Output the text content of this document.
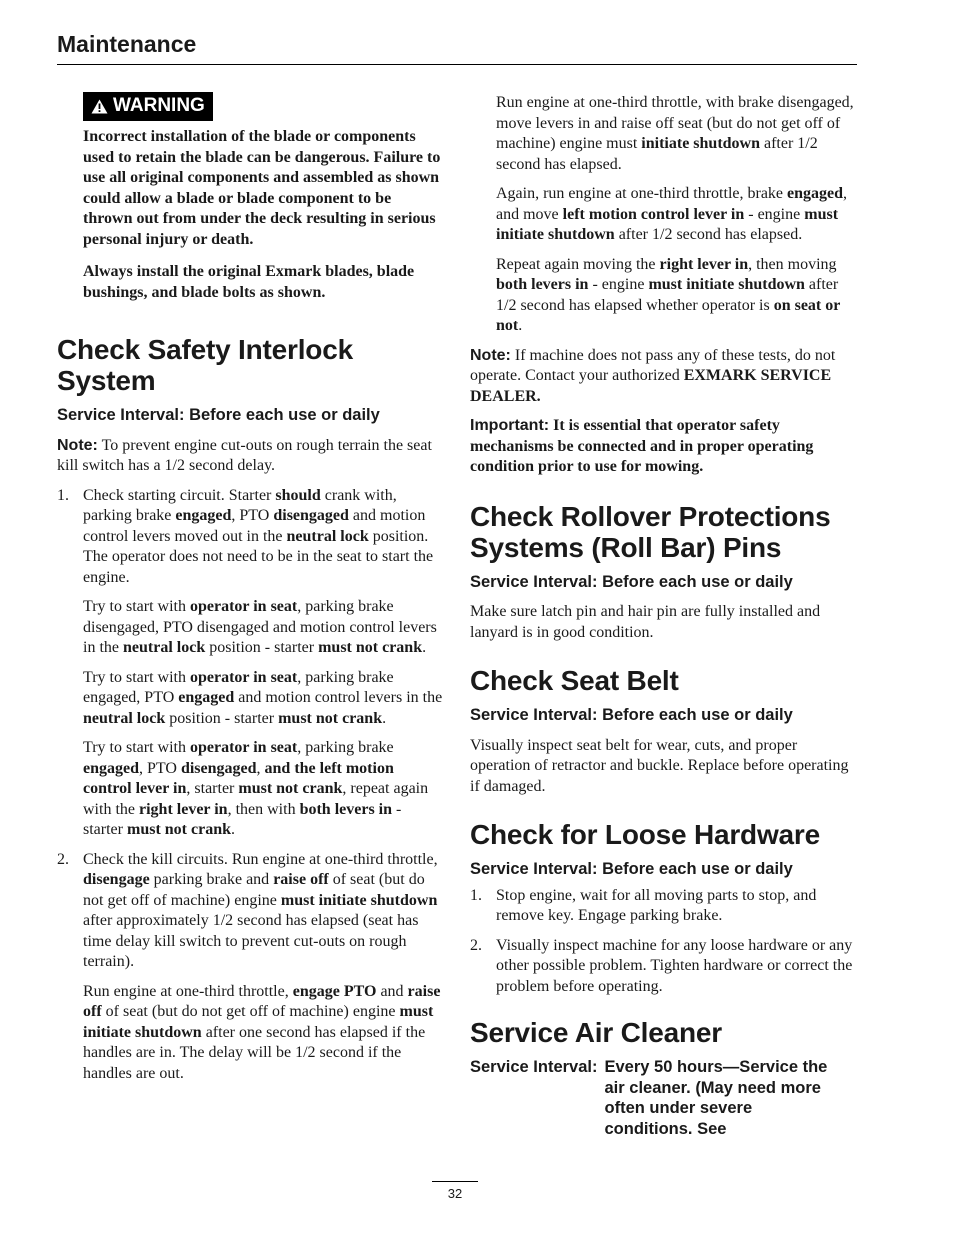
Maintenance
WARNING

Incorrect installation of the blade or components used to retain the blade can be dangerous. Failure to use all original components and assembled as shown could allow a blade or blade component to be thrown out from under the deck resulting in serious personal injury or death.

Always install the original Exmark blades, blade bushings, and blade bolts as shown.

Check Safety Interlock System
Service Interval: Before each use or daily

Note: To prevent engine cut-outs on rough terrain the seat kill switch has a 1/2 second delay.

1. Check starting circuit. Starter should crank with, parking brake engaged, PTO disengaged and motion control levers moved out in the neutral lock position. The operator does not need to be in the seat to start the engine.

Try to start with operator in seat, parking brake disengaged, PTO disengaged and motion control levers in the neutral lock position - starter must not crank.

Try to start with operator in seat, parking brake engaged, PTO engaged and motion control levers in the neutral lock position - starter must not crank.

Try to start with operator in seat, parking brake engaged, PTO disengaged, and the left motion control lever in, starter must not crank, repeat again with the right lever in, then with both levers in - starter must not crank.

2. Check the kill circuits. Run engine at one-third throttle, disengage parking brake and raise off of seat (but do not get off of machine) engine must initiate shutdown after approximately 1/2 second has elapsed (seat has time delay kill switch to prevent cut-outs on rough terrain).

Run engine at one-third throttle, engage PTO and raise off of seat (but do not get off of machine) engine must initiate shutdown after one second has elapsed if the handles are in. The delay will be 1/2 second if the handles are out.

Run engine at one-third throttle, with brake disengaged, move levers in and raise off seat (but do not get off of machine) engine must initiate shutdown after 1/2 second has elapsed.

Again, run engine at one-third throttle, brake engaged, and move left motion control lever in - engine must initiate shutdown after 1/2 second has elapsed.

Repeat again moving the right lever in, then moving both levers in - engine must initiate shutdown after 1/2 second has elapsed whether operator is on seat or not.

Note: If machine does not pass any of these tests, do not operate. Contact your authorized EXMARK SERVICE DEALER.

Important: It is essential that operator safety mechanisms be connected and in proper operating condition prior to use for mowing.

Check Rollover Protections Systems (Roll Bar) Pins
Service Interval: Before each use or daily

Make sure latch pin and hair pin are fully installed and lanyard is in good condition.

Check Seat Belt
Service Interval: Before each use or daily

Visually inspect seat belt for wear, cuts, and proper operation of retractor and buckle. Replace before operating if damaged.

Check for Loose Hardware
Service Interval: Before each use or daily
1. Stop engine, wait for all moving parts to stop, and remove key. Engage parking brake.

2. Visually inspect machine for any loose hardware or any other possible problem. Tighten hardware or correct the problem before operating.

Service Air Cleaner
Service Interval: Every 50 hours—Service the air cleaner. (May need more often under severe conditions. See
32
